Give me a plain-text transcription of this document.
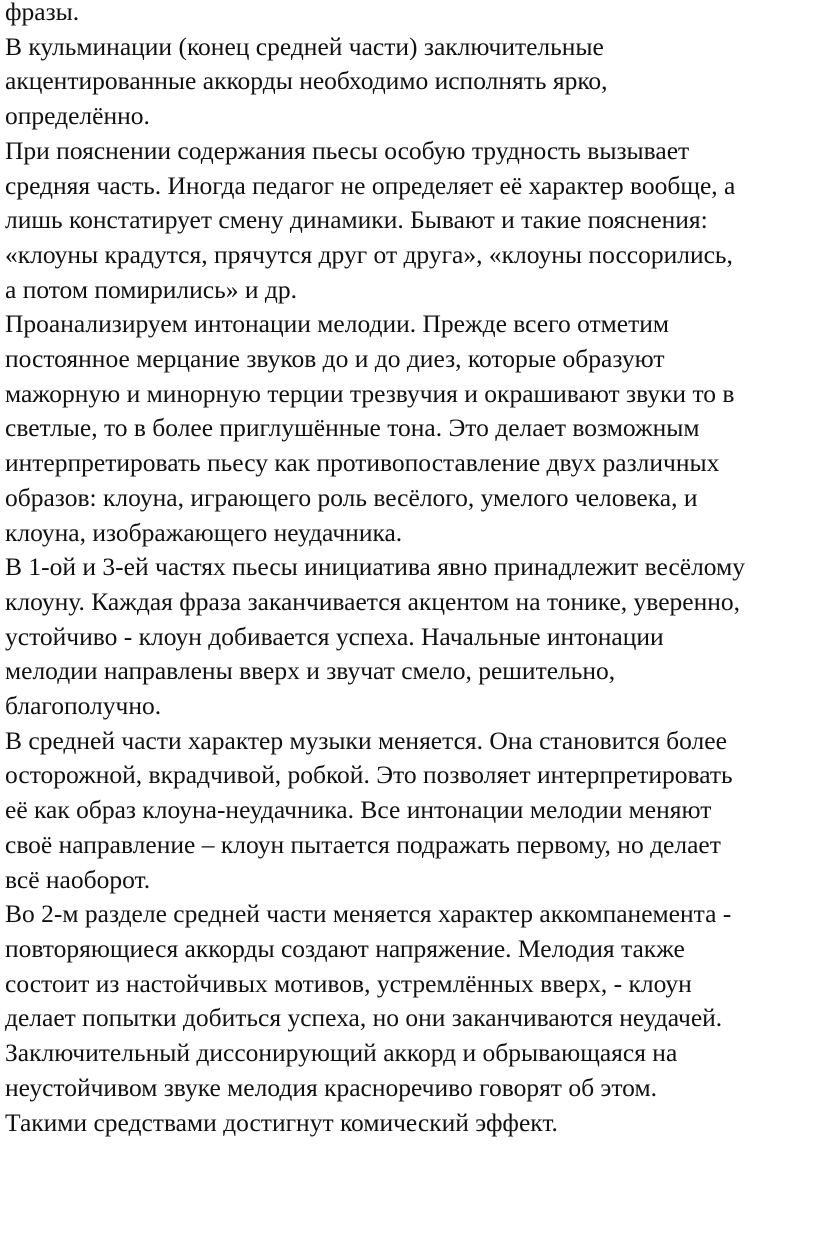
фразы.
В кульминации (конец средней части) заключительные
акцентированные аккорды необходимо исполнять ярко,
определённо.
При пояснении содержания пьесы особую трудность вызывает
средняя часть. Иногда педагог не определяет её характер вообще, а
лишь констатирует смену динамики. Бывают и такие пояснения:
«клоуны крадутся, прячутся друг от друга», «клоуны поссорились,
а потом помирились» и др.
Проанализируем интонации мелодии. Прежде всего отметим
постоянное мерцание звуков до и до диез, которые образуют
мажорную и минорную терции трезвучия и окрашивают звуки то в
светлые, то в более приглушённые тона. Это делает возможным
интерпретировать пьесу как противопоставление двух различных
образов: клоуна, играющего роль весёлого, умелого человека, и
клоуна, изображающего неудачника.
В 1-ой и 3-ей частях пьесы инициатива явно принадлежит весёлому
клоуну. Каждая фраза заканчивается акцентом на тонике, уверенно,
устойчиво - клоун добивается успеха. Начальные интонации
мелодии направлены вверх и звучат смело, решительно,
благополучно.
В средней части характер музыки меняется. Она становится более
осторожной, вкрадчивой, робкой. Это позволяет интерпретировать
её как образ клоуна-неудачника. Все интонации мелодии меняют
своё направление – клоун пытается подражать первому, но делает
всё наоборот.
Во 2-м разделе средней части меняется характер аккомпанемента -
повторяющиеся аккорды создают напряжение. Мелодия также
состоит из настойчивых мотивов, устремлённых вверх, - клоун
делает попытки добиться успеха, но они заканчиваются неудачей.
Заключительный диссонирующий аккорд и обрывающаяся на
неустойчивом звуке мелодия красноречиво говорят об этом.
Такими средствами достигнут комический эффект.
